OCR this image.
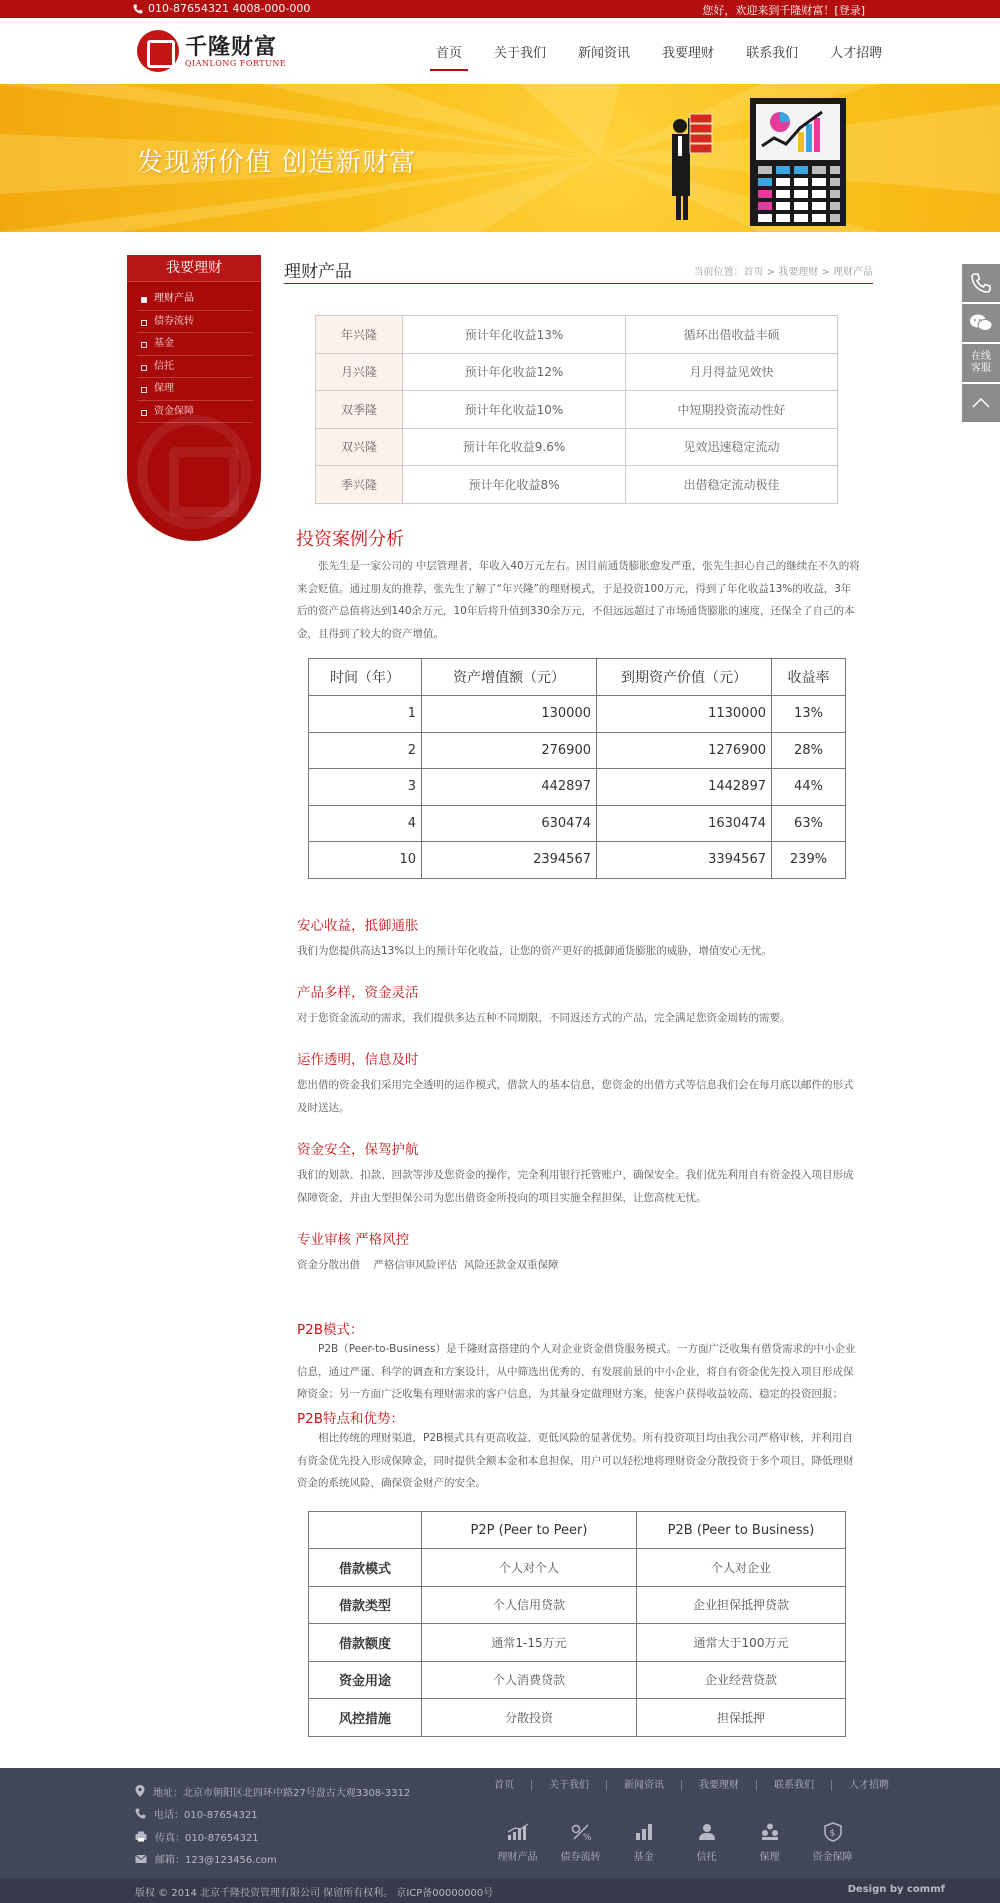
010-87654321 4008-000-000	您好，欢迎来到千隆财富！[登录]
千隆财富
QIANLONG FORTUNE
首页	关于我们	新闻资讯	我要理财	联系我们	人才招聘
发现新价值 创造新财富
在线客服
我要理财
理财产品
债券流转
基金
信托
保理
资金保障
理财产品	当前位置：首页 > 我要理财 > 理财产品
年兴隆	预计年化收益13%	循环出借收益丰硕
月兴隆	预计年化收益12%	月月得益见效快
双季隆	预计年化收益10%	中短期投资流动性好
双兴隆	预计年化收益9.6%	见效迅速稳定流动
季兴隆	预计年化收益8%	出借稳定流动极佳
投资案例分析
张先生是一家公司的 中层管理者，年收入40万元左右。因目前通货膨胀愈发严重，张先生担心自己的继续在不久的将来会贬值。通过朋友的推荐，张先生了解了“年兴隆”的理财模式，于是投资100万元，得到了年化收益13%的收益，3年后的资产总值将达到140余万元，10年后将升值到330余万元，不但远远超过了市场通货膨胀的速度，还保全了自己的本金，且得到了较大的资产增值。
时间（年）	资产增值额（元）	到期资产价值（元）	收益率
1	130000	1130000	13%
2	276900	1276900	28%
3	442897	1442897	44%
4	630474	1630474	63%
10	2394567	3394567	239%
安心收益，抵御通胀
我们为您提供高达13%以上的预计年化收益，让您的资产更好的抵御通货膨胀的威胁，增值安心无忧。
产品多样，资金灵活
对于您资金流动的需求，我们提供多达五种不同期限，不同返还方式的产品，完全满足您资金周转的需要。
运作透明，信息及时
您出借的资金我们采用完全透明的运作模式，借款人的基本信息，您资金的出借方式等信息我们会在每月底以邮件的形式及时送达。
资金安全，保驾护航
我们的划款、扣款、回款等涉及您资金的操作，完全利用银行托管账户，确保安全。我们优先利用自有资金投入项目形成保障资金，并由大型担保公司为您出借资金所投向的项目实施全程担保，让您高枕无忧。
专业审核 严格风控
资金分散出借    严格信审风险评估  风险还款金双重保障
P2B模式：
P2B（Peer-to-Business）是千隆财富搭建的个人对企业资金借贷服务模式。一方面广泛收集有借贷需求的中小企业信息，通过严谨、科学的调查和方案设计，从中筛选出优秀的、有发展前景的中小企业，将自有资金优先投入项目形成保障资金；另一方面广泛收集有理财需求的客户信息，为其量身定做理财方案，使客户获得收益较高、稳定的投资回报；
P2B特点和优势：
相比传统的理财渠道，P2B模式具有更高收益、更低风险的显著优势。所有投资项目均由我公司严格审核，并利用自有资金优先投入形成保障金，同时提供全额本金和本息担保，用户可以轻松地将理财资金分散投资于多个项目，降低理财资金的系统风险，确保资金财产的安全。
	P2P (Peer to Peer)	P2B (Peer to Business)
借款模式	个人对个人	个人对企业
借款类型	个人信用贷款	企业担保抵押贷款
借款额度	通常1-15万元	通常大于100万元
资金用途	个人消费贷款	企业经营贷款
风控措施	分散投资	担保抵押
地址：北京市朝阳区北四环中路27号盘古大观3308-3312
电话：010-87654321
传真：010-87654321
邮箱：123@123456.com
首页	关于我们	新闻资讯	我要理财	联系我们	人才招聘
理财产品
%
债券流转	基金	信托	保理
$
资金保障
版权 © 2014 北京千隆投资管理有限公司 保留所有权利。 京ICP备00000000号	Design by commf
